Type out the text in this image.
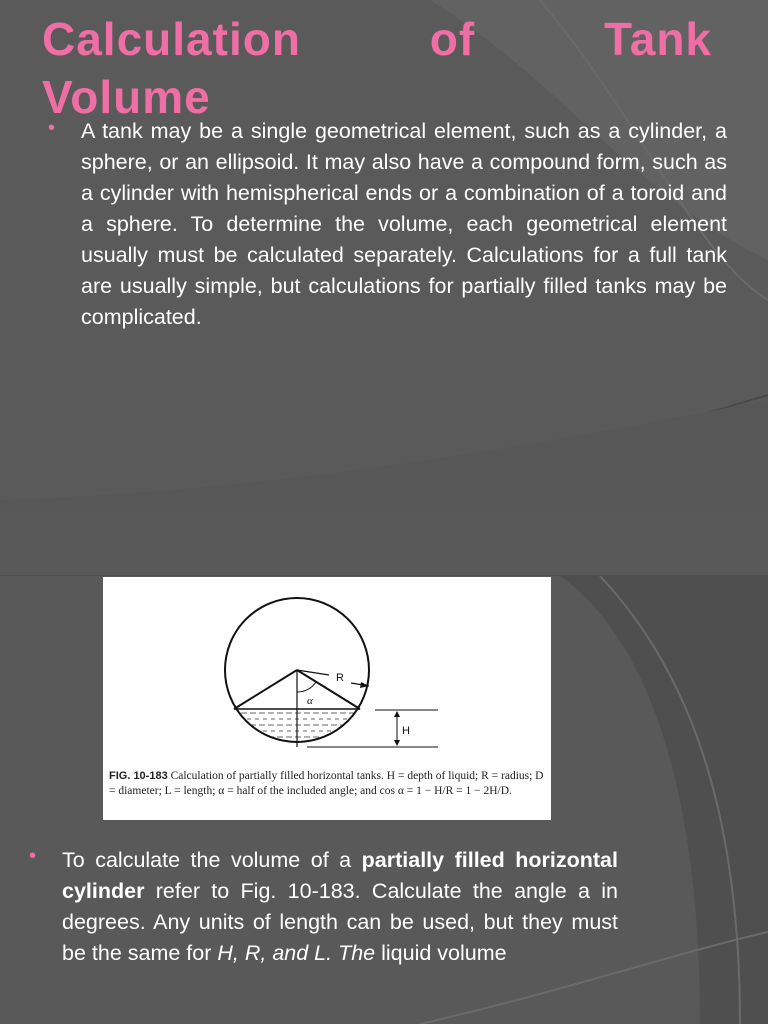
Calculation	of	Tank
Volume
• A tank may be a single geometrical element, such as a cylinder, a sphere, or an ellipsoid. It may also have a compound form, such as a cylinder with hemispherical ends or a combination of a toroid and a sphere. To determine the volume, each geometrical element usually must be calculated separately. Calculations for a full tank are usually simple, but calculations for partially filled tanks may be complicated.

R
α
H
FIG. 10-183 Calculation of partially filled horizontal tanks. H = depth of liquid; R = radius; D = diameter; L = length; α = half of the included angle; and cos α = 1 − H/R = 1 − 2H/D.
• To calculate the volume of a partially filled horizontal cylinder refer to Fig. 10-183. Calculate the angle a in degrees. Any units of length can be used, but they must be the same for H, R, and L. The liquid volume
